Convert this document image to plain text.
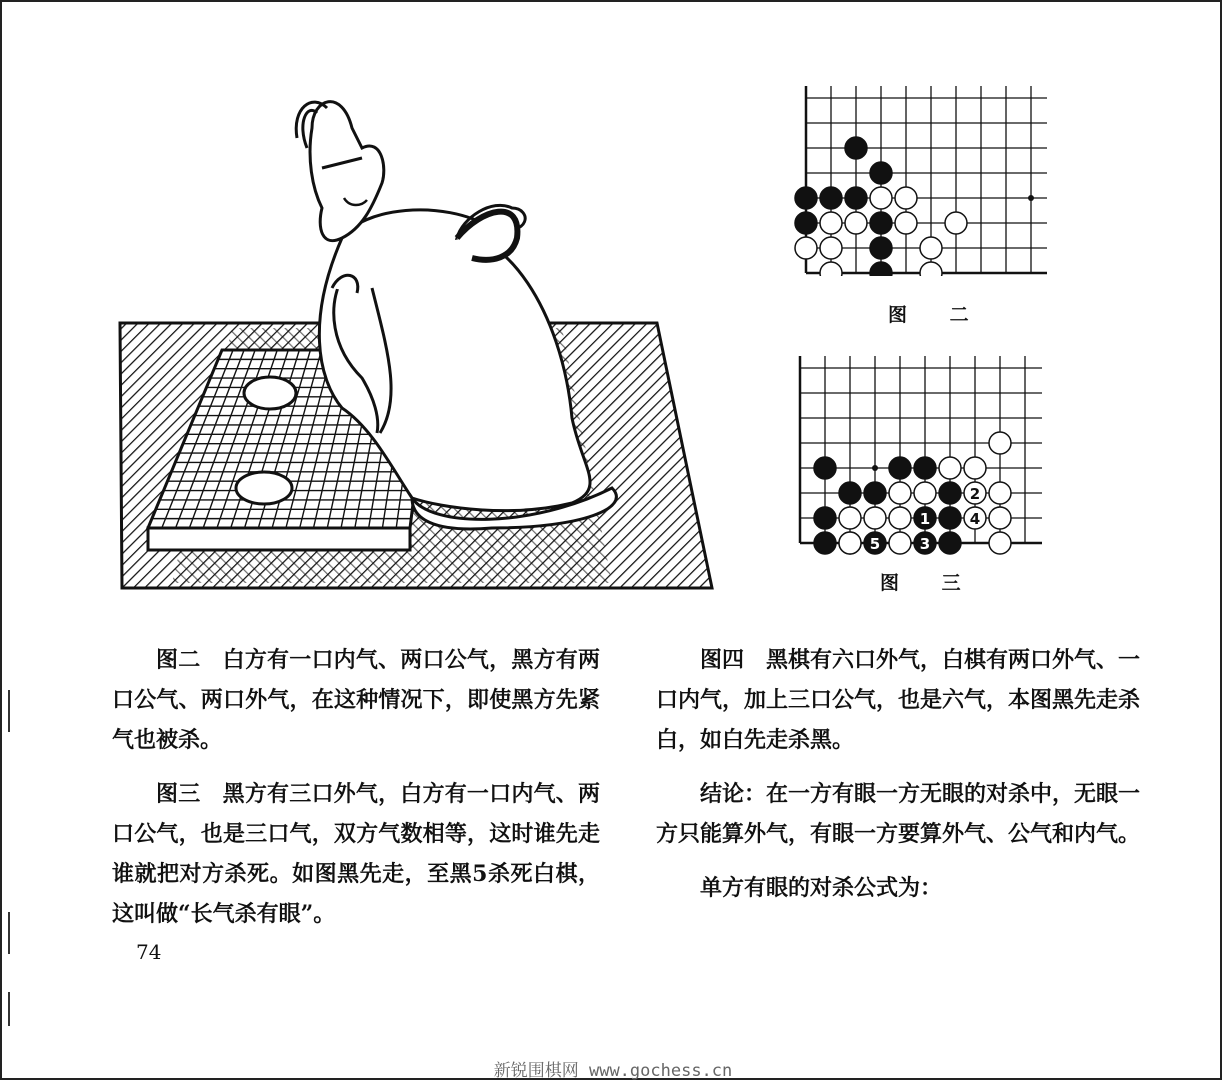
图 二
1
2
3
4
5
图 三

图二　白方有一口内气、两口公气，黑方有两口公气、两口外气，在这种情况下，即使黑方先紧气也被杀。

图三　黑方有三口外气，白方有一口内气、两口公气，也是三口气，双方气数相等，这时谁先走谁就把对方杀死。如图黑先走，至黑5杀死白棋，这叫做“长气杀有眼”。

图四　黑棋有六口外气，白棋有两口外气、一口内气，加上三口公气，也是六气，本图黑先走杀白，如白先走杀黑。

结论：在一方有眼一方无眼的对杀中，无眼一方只能算外气，有眼一方要算外气、公气和内气。

单方有眼的对杀公式为：

74
新锐围棋网 www.gochess.cn
